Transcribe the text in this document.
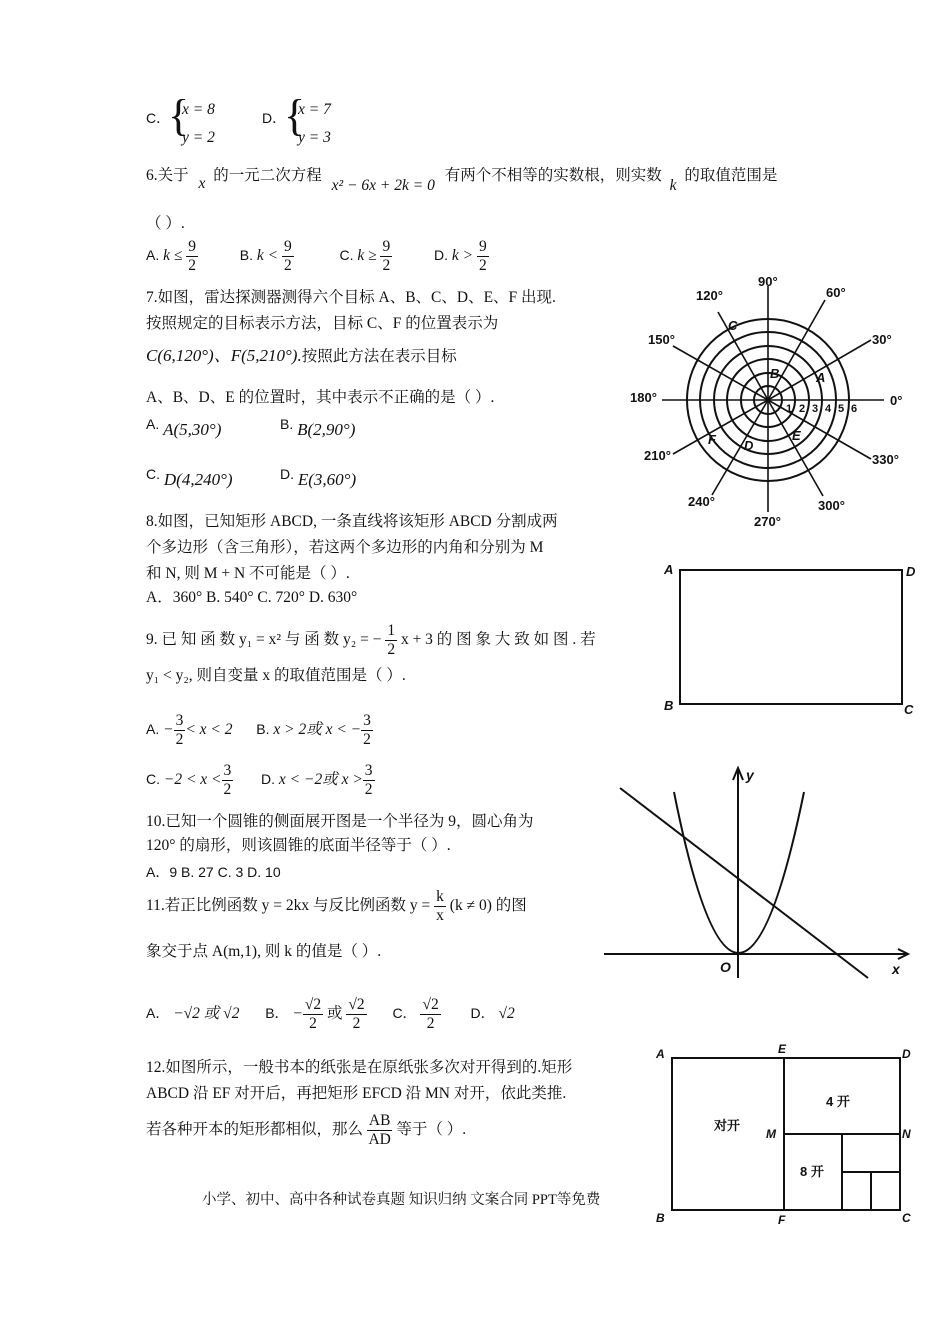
C．
{
x = 8
y = 2
D．
{
x = 7
y = 3
6.关于 x 的一元二次方程 x² − 6x + 2k = 0 有两个不相等的实数根，则实数 k 的取值范围是
（ ）.
A. $k \le \frac{9}{2}$	B. $k < \frac{9}{2}$	C. $k \ge \frac{9}{2}$	D. $k > \frac{9}{2}$
7.如图，雷达探测器测得六个目标 A、B、C、D、E、F 出现.
按照规定的目标表示方法，目标 C、F 的位置表示为
C(6,120°)、F(5,210°).按照此方法在表示目标
A、B、D、E 的位置时，其中表示不正确的是（ ）.
A. A(5,30°)	B. B(2,90°)
C. D(4,240°)	D. E(3,60°)
8.如图，已知矩形 ABCD, 一条直线将该矩形 ABCD 分割成两
个多边形（含三角形），若这两个多边形的内角和分别为 M
和 N, 则 M + N 不可能是（ ）.
A．360° B. 540° C. 720° D. 630°
9. 已 知 函 数 y₁ = x² 与 函 数 y₂ = − $\frac{1}{2}$ x + 3 的 图 象 大 致 如 图 . 若
y₁ < y₂, 则自变量 x 的取值范围是（ ）.
A. − $\frac{3}{2} < x < 2$ B. x > 2或 x < − $\frac{3}{2}$
C. $-2 < x < \frac{3}{2} D$. x < −2或 $x > \frac{3}{2}$
10.已知一个圆锥的侧面展开图是一个半径为 9，圆心角为
120° 的扇形，则该圆锥的底面半径等于（ ）.
A．9 B. 27 C. 3 D. 10
11.若正比例函数 y = 2kx 与反比例函数 $y = \frac{k}{x} (k \ne 0)$ 的图
象交于点 A(m,1), 则 k 的值是（ ）.
A． −√2 或 √2 B． − $\frac{√2}{2}$ 或 $\frac{√2}{2}$ C． $\frac{√2}{2}$ D． √2
12.如图所示，一般书本的纸张是在原纸张多次对开得到的.矩形
ABCD 沿 EF 对开后，再把矩形 EFCD 沿 MN 对开，依此类推.
若各种开本的矩形都相似，那么 $\frac{AB}{AD}$ 等于（ ）.
小学、初中、高中各种试卷真题 知识归纳 文案合同 PPT等免费
90°
60°
30°
0°
330°
300°
270°
240°
210°
180°
150°
120°
1 2 3 4 5 6
A
B
C
D
E
F
A
B	C
D
y
x
O
A
B	C
D
E
F
M	N
对开
4 开
8 开
